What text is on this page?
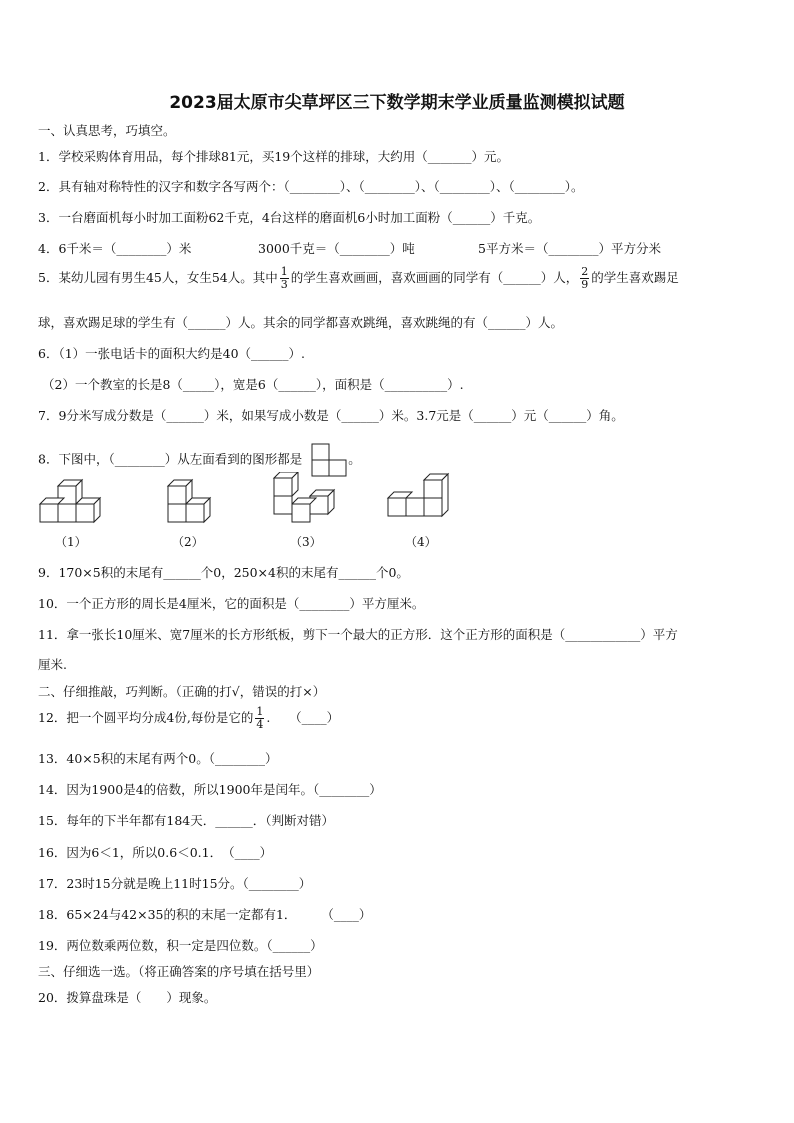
2023届太原市尖草坪区三下数学期末学业质量监测模拟试题
一、认真思考，巧填空。
1．学校采购体育用品，每个排球81元，买19个这样的排球，大约用（_______）元。
2．具有轴对称特性的汉字和数字各写两个：（________）、（________）、（________）、（________）。
3．一台磨面机每小时加工面粉62千克，4台这样的磨面机6小时加工面粉（______）千克。
4．6千米＝（________）米	3000千克＝（________）吨	5平方米＝（________）平方分米
5．某幼儿园有男生45人，女生54人。其中 $\frac{1}{3}$ 的学生喜欢画画，喜欢画画的同学有（______）人， $\frac{2}{9}$ 的学生喜欢踢足
球，喜欢踢足球的学生有（______）人。其余的同学都喜欢跳绳，喜欢跳绳的有（______）人。
6．（1）一张电话卡的面积大约是40（______）.
（2）一个教室的长是8（_____），宽是6（______），面积是（__________）.
7．9分米写成分数是（______）米，如果写成小数是（______）米。3.7元是（______）元（______）角。
8．下图中，（________）从左面看到的图形都是	。
（1）	（2）	（3）	（4）
9．170×5积的末尾有______个0，250×4积的末尾有______个0。
10．一个正方形的周长是4厘米，它的面积是（________）平方厘米。
11．拿一张长10厘米、宽7厘米的长方形纸板，剪下一个最大的正方形．这个正方形的面积是（____________）平方
厘米.
二、仔细推敲，巧判断。（正确的打√，错误的打×）
12．把一个圆平均分成4份,每份是它的 $\frac{1}{4}$ .　　（____）
13．40×5积的末尾有两个0。（________）
14．因为1900是4的倍数，所以1900年是闰年。（________）
15．每年的下半年都有184天．______．（判断对错）
16．因为6＜1，所以0.6＜0.1．　（____）
17．23时15分就是晚上11时15分。（________）
18．65×24与42×35的积的末尾一定都有1．　　　（____）
19．两位数乘两位数，积一定是四位数。（______）
三、仔细选一选。（将正确答案的序号填在括号里）
20．拨算盘珠是（　　）现象。
